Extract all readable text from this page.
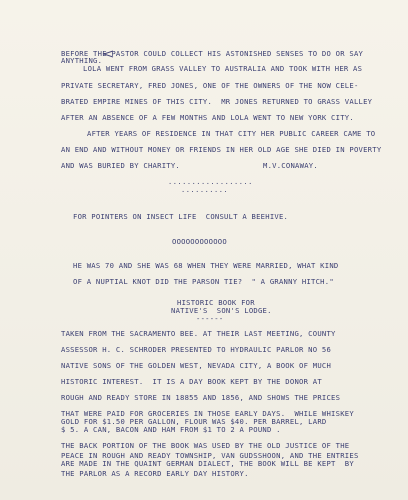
BEFORE THE PASTOR COULD COLLECT HIS ASTONISHED SENSES TO DO OR SAY
ANYTHING.
LOLA WENT FROM GRASS VALLEY TO AUSTRALIA AND TOOK WITH HER AS
PRIVATE SECRETARY, FRED JONES, ONE OF THE OWNERS OF THE NOW CELE-
BRATED EMPIRE MINES OF THIS CITY.  MR JONES RETURNED TO GRASS VALLEY
AFTER AN ABSENCE OF A FEW MONTHS AND LOLA WENT TO NEW YORK CITY.
AFTER YEARS OF RESIDENCE IN THAT CITY HER PUBLIC CAREER CAME TO
AN END AND WITHOUT MONEY OR FRIENDS IN HER OLD AGE SHE DIED IN POVERTY
AND WAS BURIED BY CHARITY.	M.V.CONAWAY.
..................
..........
FOR POINTERS ON INSECT LIFE  CONSULT A BEEHIVE.
OOOOOOOOOOOO
HE WAS 70 AND SHE WAS 68 WHEN THEY WERE MARRIED, WHAT KIND
OF A NUPTIAL KNOT DID THE PARSON TIE?  " A GRANNY HITCH."
HISTORIC BOOK FOR
NATIVE'S  SON'S LODGE.
------
TAKEN FROM THE SACRAMENTO BEE. AT THEIR LAST MEETING, COUNTY
ASSESSOR H. C. SCHRODER PRESENTED TO HYDRAULIC PARLOR NO 56
NATIVE SONS OF THE GOLDEN WEST, NEVADA CITY, A BOOK OF MUCH
HISTORIC INTEREST.  IT IS A DAY BOOK KEPT BY THE DONOR AT
ROUGH AND READY STORE IN 18855 AND 1856, AND SHOWS THE PRICES
THAT WERE PAID FOR GROCERIES IN THOSE EARLY DAYS.  WHILE WHISKEY
GOLD FOR $1.50 PER GALLON, FLOUR WAS $40. PER BARREL, LARD
$ 5. A CAN, BACON AND HAM FROM $1 TO 2 A POUND .
THE BACK PORTION OF THE BOOK WAS USED BY THE OLD JUSTICE OF THE
PEACE IN ROUGH AND READY TOWNSHIP, VAN GUDSSHOON, AND THE ENTRIES
ARE MADE IN THE QUAINT GERMAN DIALECT, THE BOOK WILL BE KEPT  BY
THE PARLOR AS A RECORD EARLY DAY HISTORY.
